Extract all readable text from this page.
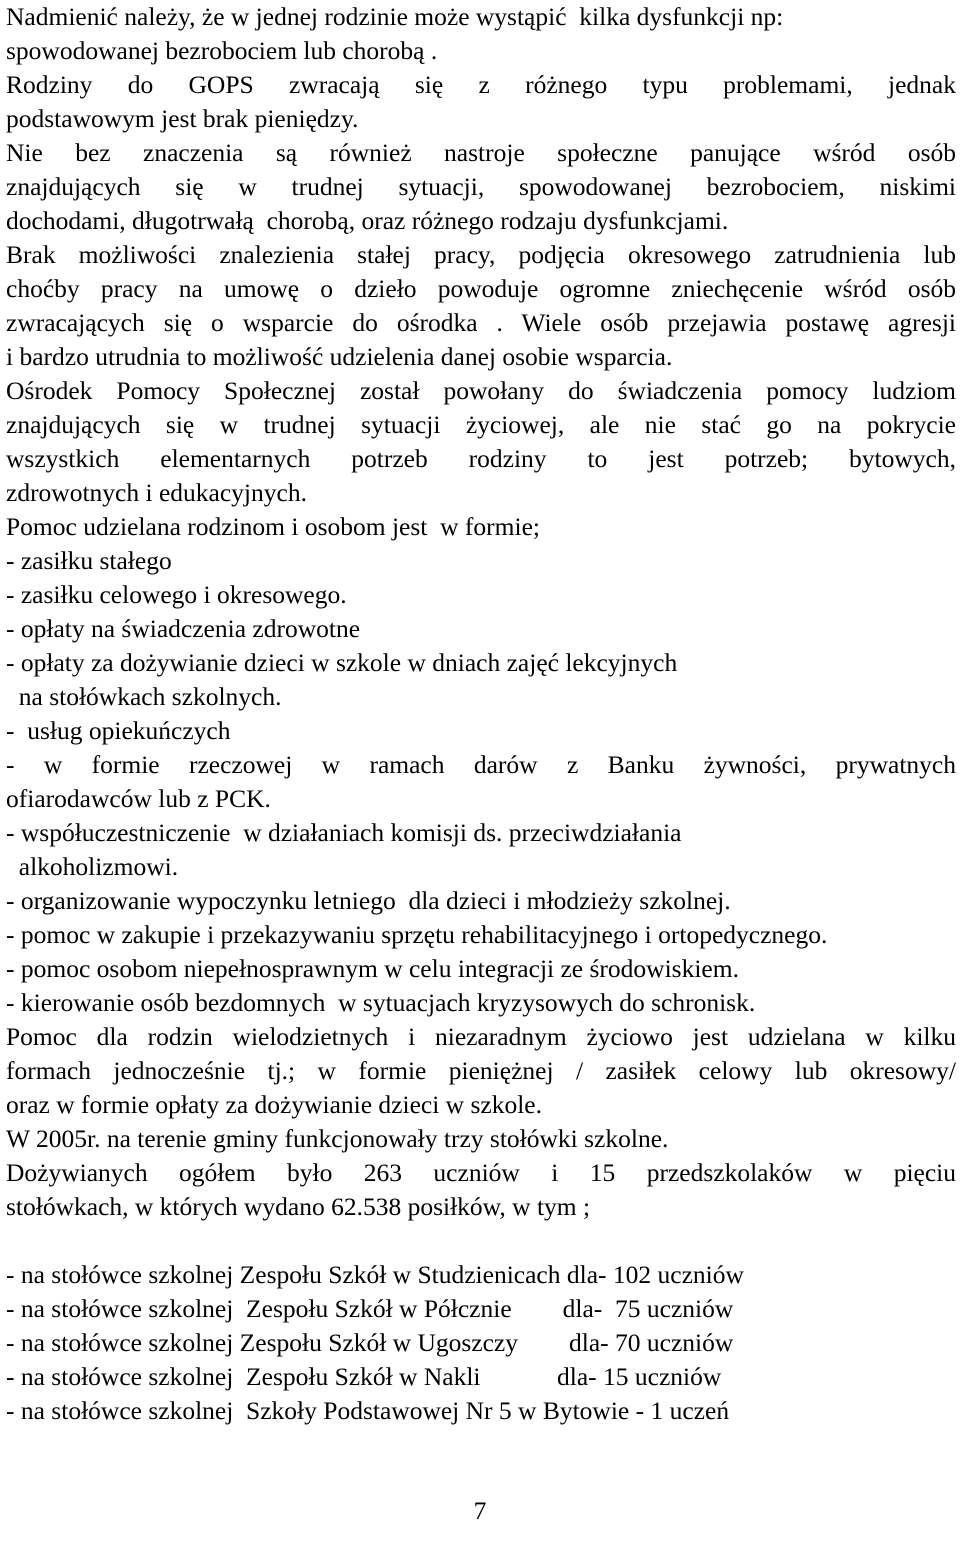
Nadmienić należy, że w jednej rodzinie może wystąpić  kilka dysfunkcji np:
spowodowanej bezrobociem lub chorobą .
Rodziny do GOPS zwracają się z różnego typu problemami, jednak
podstawowym jest brak pieniędzy.
Nie bez znaczenia są również nastroje społeczne panujące wśród osób
znajdujących się w trudnej sytuacji, spowodowanej bezrobociem, niskimi
dochodami, długotrwałą  chorobą, oraz różnego rodzaju dysfunkcjami.
Brak możliwości znalezienia stałej pracy, podjęcia okresowego zatrudnienia lub
choćby pracy na umowę o dzieło powoduje ogromne zniechęcenie wśród osób
zwracających się o wsparcie do ośrodka . Wiele osób przejawia postawę agresji
i bardzo utrudnia to możliwość udzielenia danej osobie wsparcia.
Ośrodek Pomocy Społecznej został powołany do świadczenia pomocy ludziom
znajdujących się w trudnej sytuacji życiowej, ale nie stać go na pokrycie
wszystkich elementarnych potrzeb rodziny to jest potrzeb; bytowych,
zdrowotnych i edukacyjnych.
Pomoc udzielana rodzinom i osobom jest  w formie;
- zasiłku stałego
- zasiłku celowego i okresowego.
- opłaty na świadczenia zdrowotne
- opłaty za dożywianie dzieci w szkole w dniach zajęć lekcyjnych
na stołówkach szkolnych.
-  usług opiekuńczych
- w formie rzeczowej w ramach darów z Banku żywności, prywatnych
ofiarodawców lub z PCK.
- współuczestniczenie  w działaniach komisji ds. przeciwdziałania
alkoholizmowi.
- organizowanie wypoczynku letniego  dla dzieci i młodzieży szkolnej.
- pomoc w zakupie i przekazywaniu sprzętu rehabilitacyjnego i ortopedycznego.
- pomoc osobom niepełnosprawnym w celu integracji ze środowiskiem.
- kierowanie osób bezdomnych  w sytuacjach kryzysowych do schronisk.
Pomoc dla rodzin wielodzietnych i niezaradnym życiowo jest udzielana w kilku
formach jednocześnie tj.; w formie pieniężnej / zasiłek celowy lub okresowy/
oraz w formie opłaty za dożywianie dzieci w szkole.
W 2005r. na terenie gminy funkcjonowały trzy stołówki szkolne.
Dożywianych ogółem było 263 uczniów i 15 przedszkolaków w pięciu
stołówkach, w których wydano 62.538 posiłków, w tym ;
- na stołówce szkolnej Zespołu Szkół w Studzienicach dla- 102 uczniów
- na stołówce szkolnej  Zespołu Szkół w Półcznie        dla-  75 uczniów
- na stołówce szkolnej Zespołu Szkół w Ugoszczy        dla- 70 uczniów
- na stołówce szkolnej  Zespołu Szkół w Nakli            dla- 15 uczniów
- na stołówce szkolnej  Szkoły Podstawowej Nr 5 w Bytowie - 1 uczeń
7
